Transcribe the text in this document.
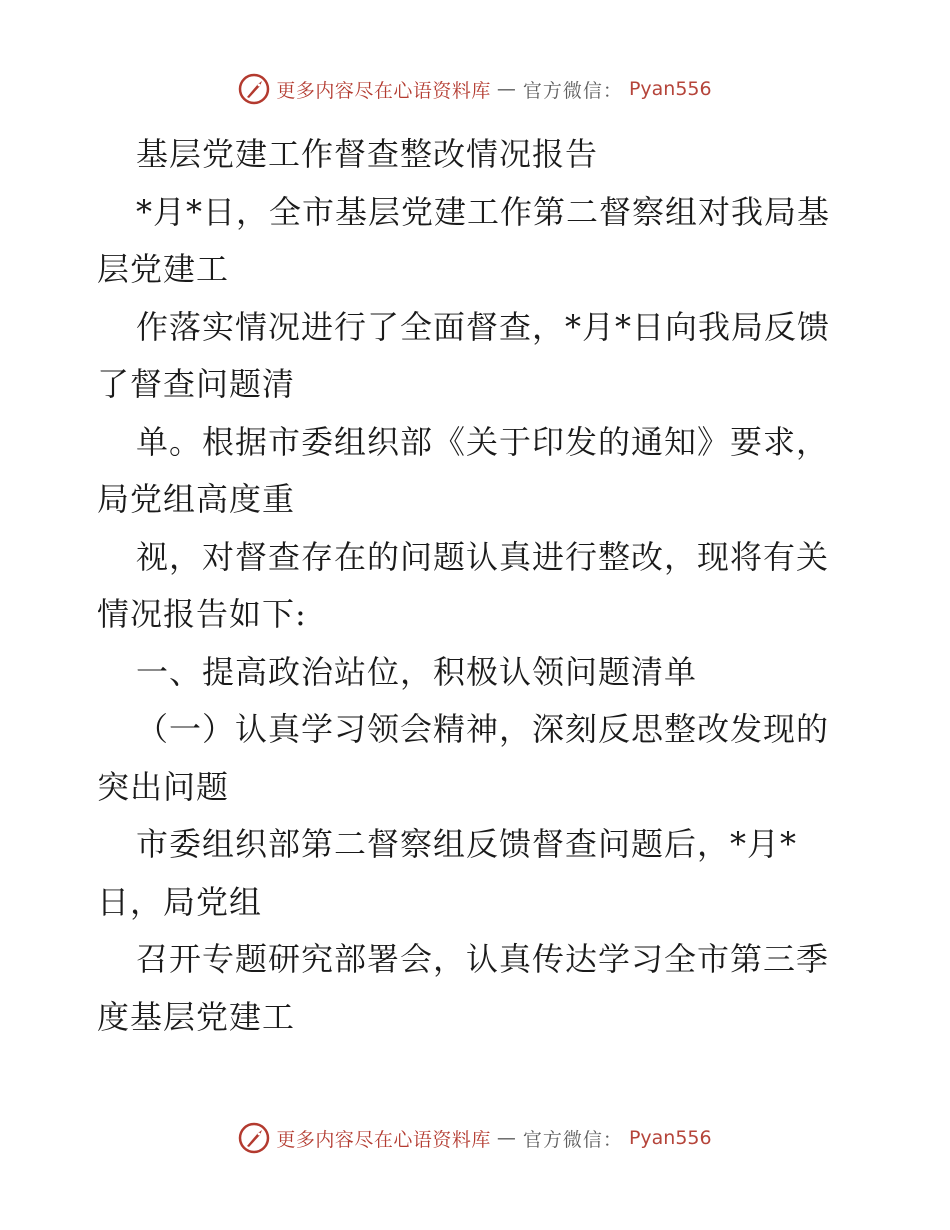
更多内容尽在心语资料库 — 官方微信： Pyan556
基层党建工作督查整改情况报告
*月*日，全市基层党建工作第二督察组对我局基
层党建工
作落实情况进行了全面督查，*月*日向我局反馈
了督查问题清
单。根据市委组织部《关于印发的通知》要求，
局党组高度重
视，对督查存在的问题认真进行整改，现将有关
情况报告如下:
一、提高政治站位，积极认领问题清单
（一）认真学习领会精神，深刻反思整改发现的
突出问题
市委组织部第二督察组反馈督查问题后，*月*
日，局党组
召开专题研究部署会，认真传达学习全市第三季
度基层党建工
更多内容尽在心语资料库 — 官方微信： Pyan556
